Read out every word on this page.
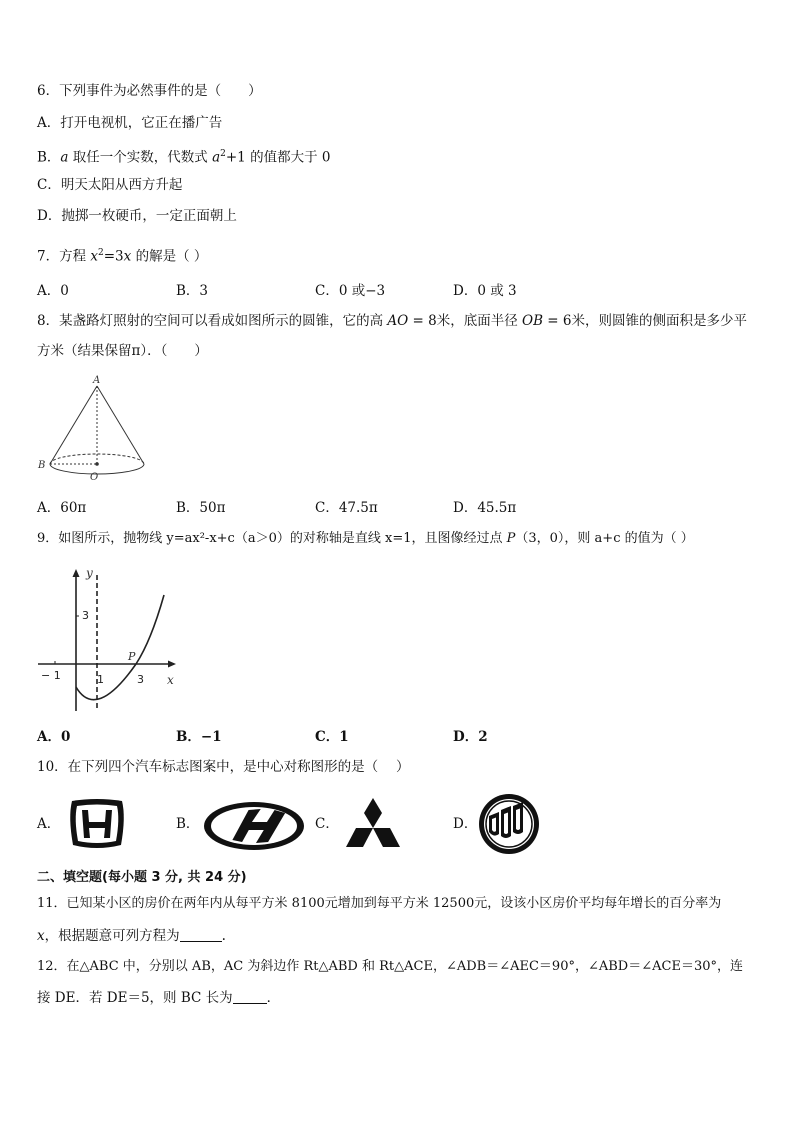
6．下列事件为必然事件的是（　　）
A．打开电视机，它正在播广告
B．a 取任一个实数，代数式 $a^2+1$ 的值都大于 0
C．明天太阳从西方升起
D．抛掷一枚硬币，一定正面朝上
7．方程 $x^2=3x$ 的解是（ ）
A．0	B．3	C．0 或−3	D．0 或 3
8．某盏路灯照射的空间可以看成如图所示的圆锥，它的高 AO = 8米，底面半径 OB = 6米，则圆锥的侧面积是多少平
方米（结果保留π）．（　　）
A
B
O
A．60π	B．50π	C．47.5π	D．45.5π
9．如图所示，抛物线 y=ax²-x+c（a＞0）的对称轴是直线 x=1，且图像经过点 P（3，0），则 a+c 的值为（ ）
y
x
3
− 1	1	3
P
A．0	B．−1	C．1	D．2
10．在下列四个汽车标志图案中，是中心对称图形的是（　 ）
A．	B．	C．	D．
二、填空题(每小题 3 分, 共 24 分)
11．已知某小区的房价在两年内从每平方米 8100元增加到每平方米 12500元，设该小区房价平均每年增长的百分率为
x，根据题意可列方程为	.
12．在△ABC 中，分别以 AB，AC 为斜边作 Rt△ABD 和 Rt△ACE，∠ADB＝∠AEC＝90°，∠ABD＝∠ACE＝30°，连
接 DE．若 DE＝5，则 BC 长为	．
